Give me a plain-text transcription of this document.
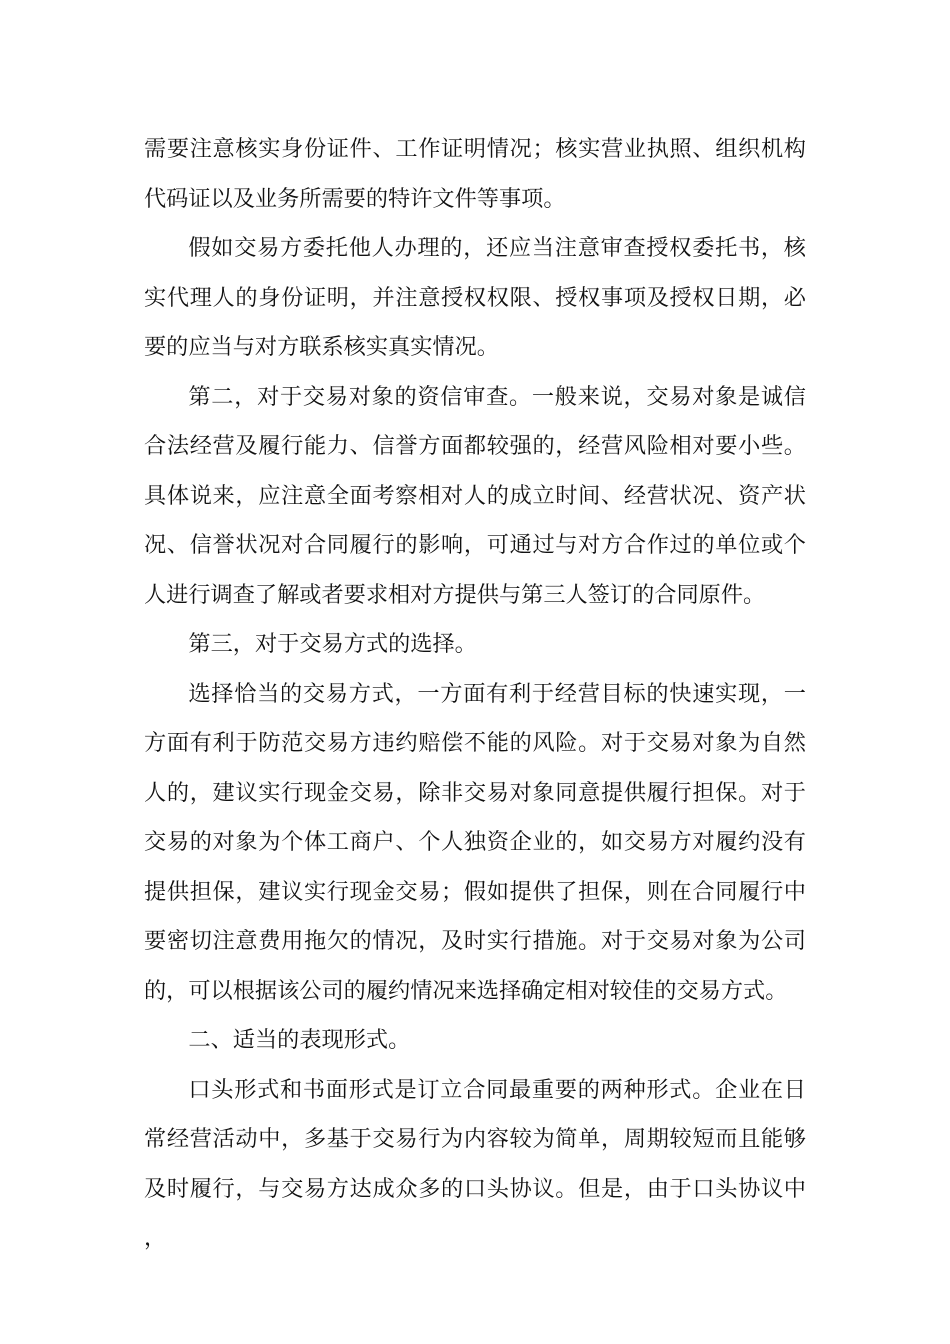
需要注意核实身份证件、工作证明情况；核实营业执照、组织机构代码证以及业务所需要的特许文件等事项。

假如交易方委托他人办理的，还应当注意审查授权委托书，核实代理人的身份证明，并注意授权权限、授权事项及授权日期，必要的应当与对方联系核实真实情况。

第二，对于交易对象的资信审查。一般来说，交易对象是诚信合法经营及履行能力、信誉方面都较强的，经营风险相对要小些。具体说来，应注意全面考察相对人的成立时间、经营状况、资产状况、信誉状况对合同履行的影响，可通过与对方合作过的单位或个人进行调查了解或者要求相对方提供与第三人签订的合同原件。

第三，对于交易方式的选择。

选择恰当的交易方式，一方面有利于经营目标的快速实现，一方面有利于防范交易方违约赔偿不能的风险。对于交易对象为自然人的，建议实行现金交易，除非交易对象同意提供履行担保。对于交易的对象为个体工商户、个人独资企业的，如交易方对履约没有提供担保，建议实行现金交易；假如提供了担保，则在合同履行中要密切注意费用拖欠的情况，及时实行措施。对于交易对象为公司的，可以根据该公司的履约情况来选择确定相对较佳的交易方式。

二、适当的表现形式。

口头形式和书面形式是订立合同最重要的两种形式。企业在日常经营活动中，多基于交易行为内容较为简单，周期较短而且能够及时履行，与交易方达成众多的口头协议。但是，由于口头协议中，
